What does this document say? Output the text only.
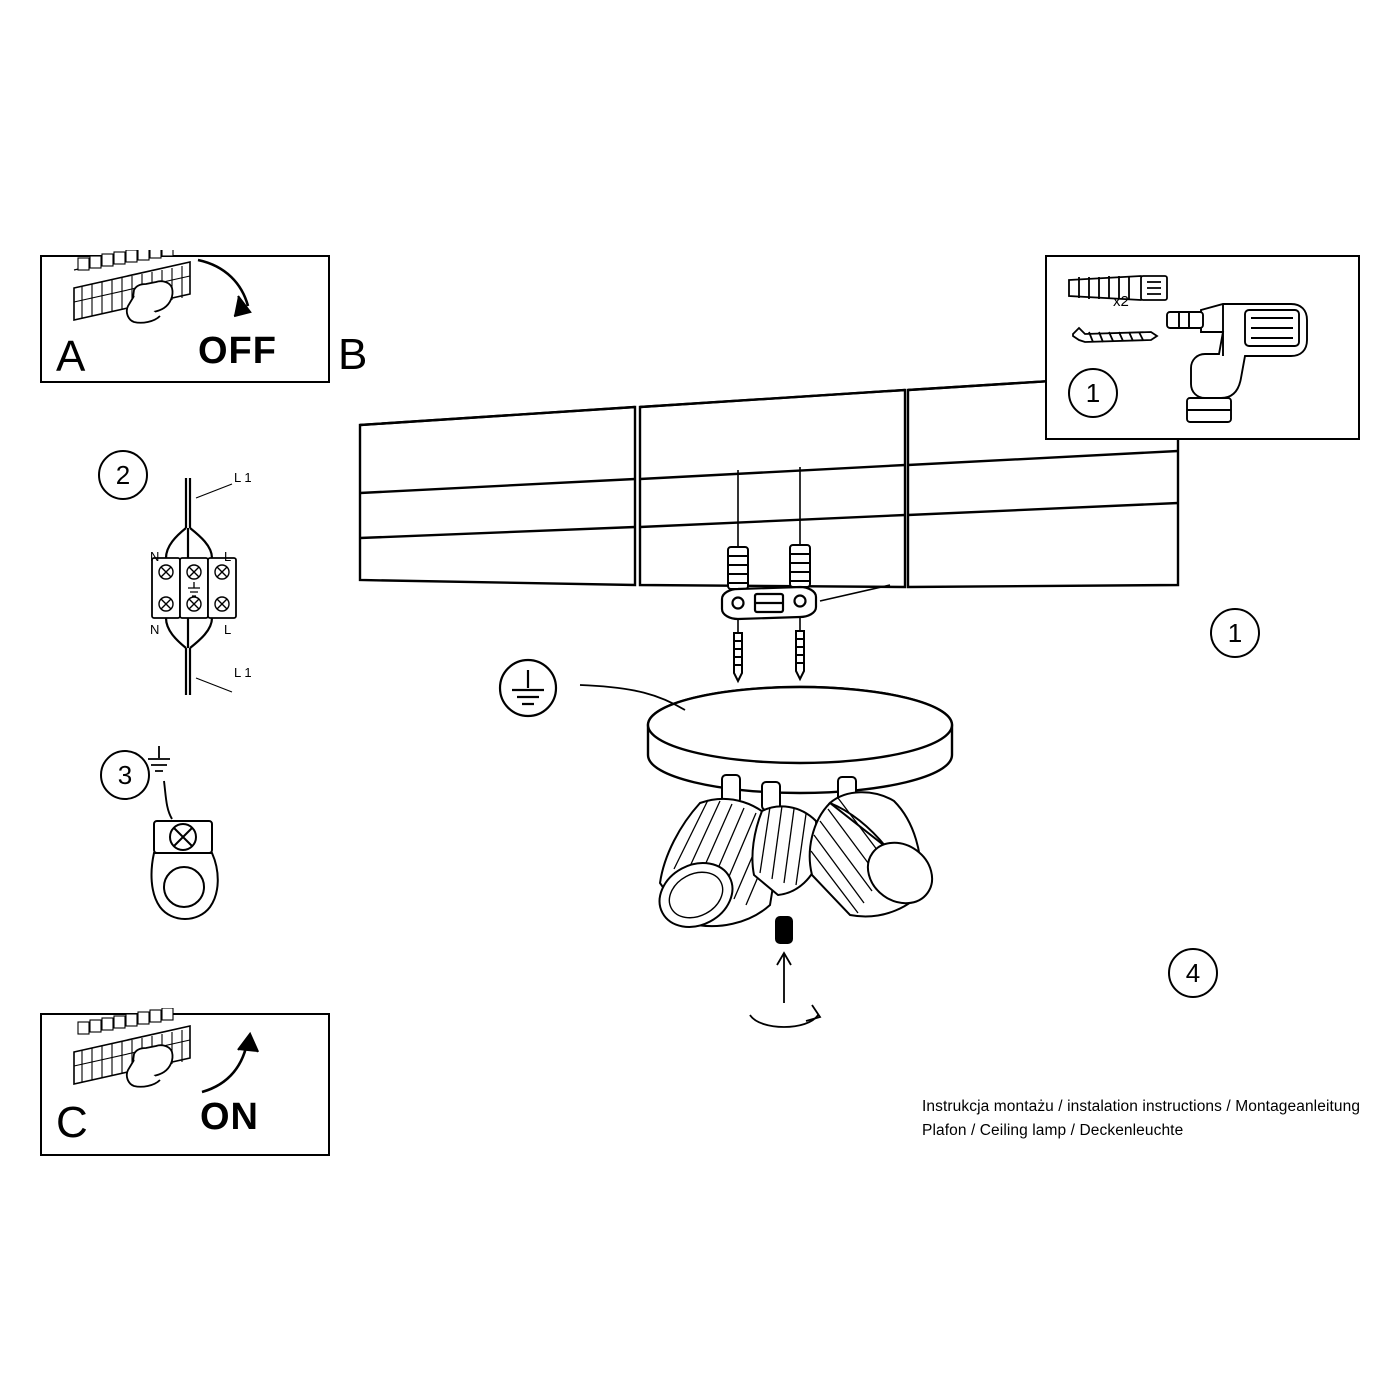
1
4
A	OFF B
C	ON
1
x2
2	L 1
N	L
N	L
L 1
3
Instrukcja montażu / instalation instructions / Montageanleitung
Plafon / Ceiling lamp / Deckenleuchte
